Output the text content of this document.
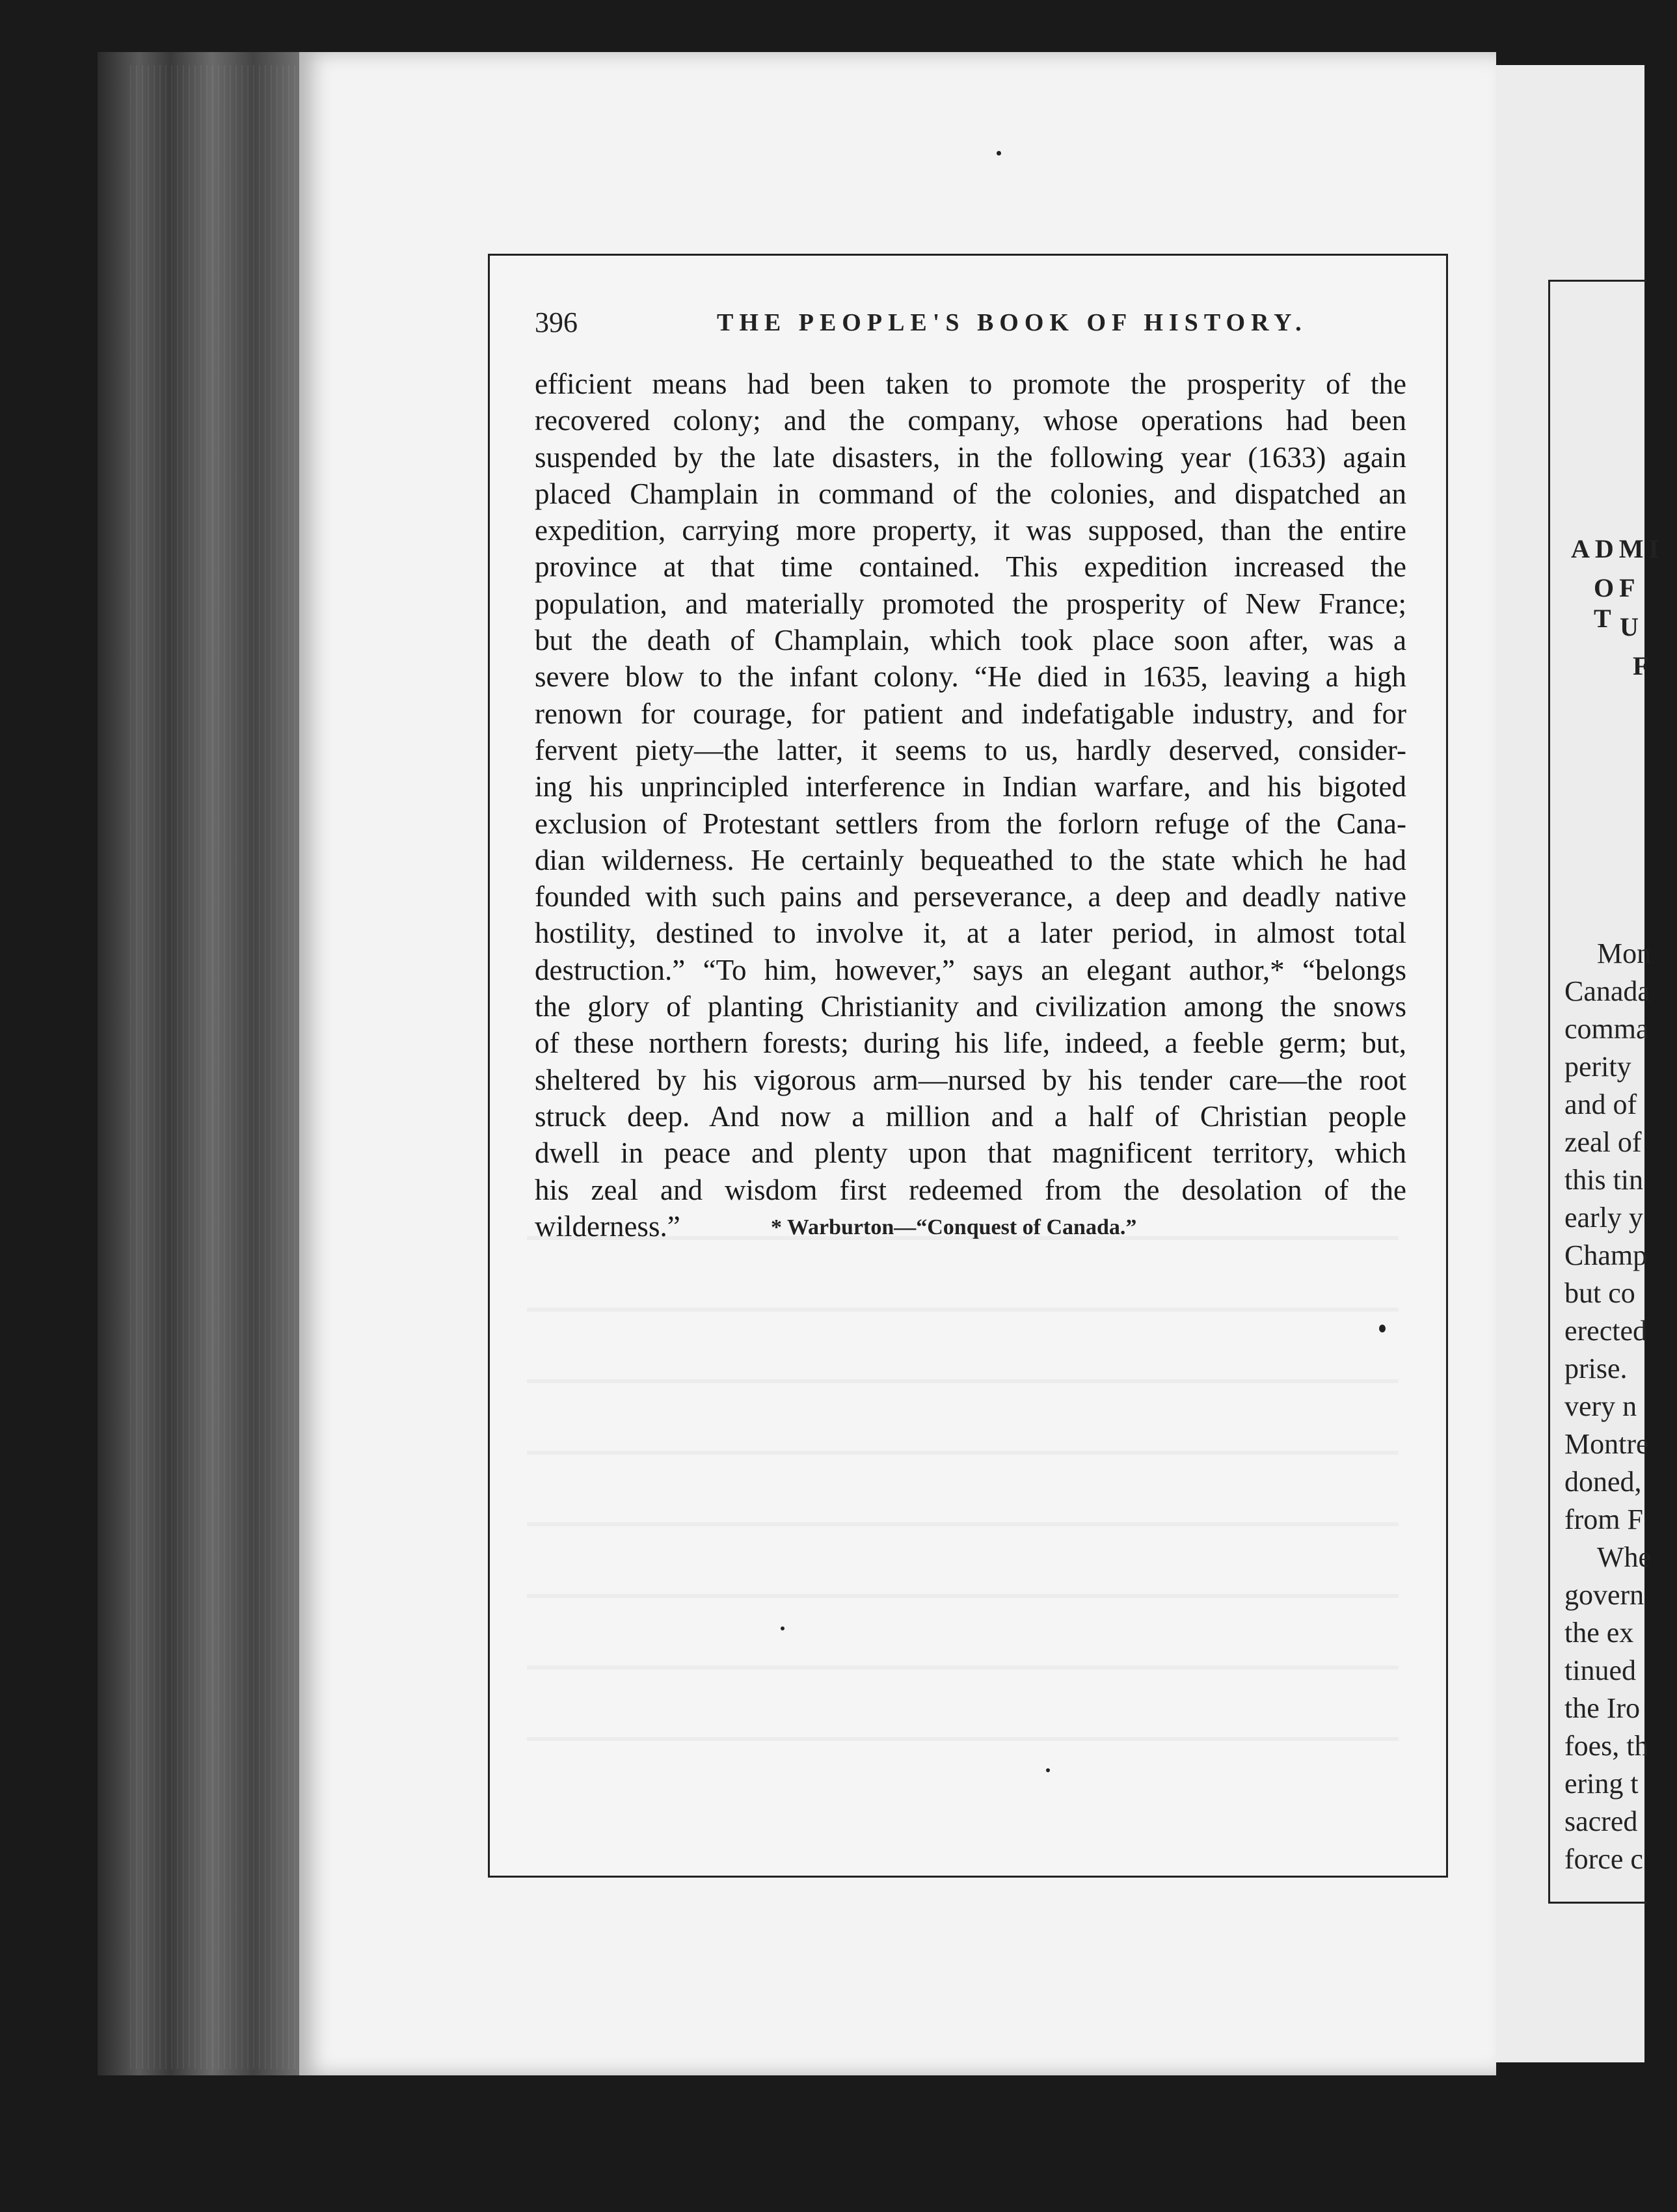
ADMI
OF T U
F
Mon
Canada
comma
perity
and of
zeal of
this tin
early y
Champ
but co
erected
prise.
very n
Montre
doned,
from F
Whe
govern
the ex
tinued
the Iro
foes, th
ering t
sacred
force c
396	THE PEOPLE'S BOOK OF HISTORY.
efficient means had been taken to promote the prosperity of the
recovered colony; and the company, whose operations had been
suspended by the late disasters, in the following year (1633) again
placed Champlain in command of the colonies, and dispatched an
expedition, carrying more property, it was supposed, than the entire
province at that time contained. This expedition increased the
population, and materially promoted the prosperity of New France;
but the death of Champlain, which took place soon after, was a
severe blow to the infant colony. “He died in 1635, leaving a high
renown for courage, for patient and indefatigable industry, and for
fervent piety—the latter, it seems to us, hardly deserved, consider-
ing his unprincipled interference in Indian warfare, and his bigoted
exclusion of Protestant settlers from the forlorn refuge of the Cana-
dian wilderness. He certainly bequeathed to the state which he had
founded with such pains and perseverance, a deep and deadly native
hostility, destined to involve it, at a later period, in almost total
destruction.” “To him, however,” says an elegant author,* “belongs
the glory of planting Christianity and civilization among the snows
of these northern forests; during his life, indeed, a feeble germ; but,
sheltered by his vigorous arm—nursed by his tender care—the root
struck deep. And now a million and a half of Christian people
dwell in peace and plenty upon that magnificent territory, which
his zeal and wisdom first redeemed from the desolation of the
wilderness.”	* Warburton—“Conquest of Canada.”
